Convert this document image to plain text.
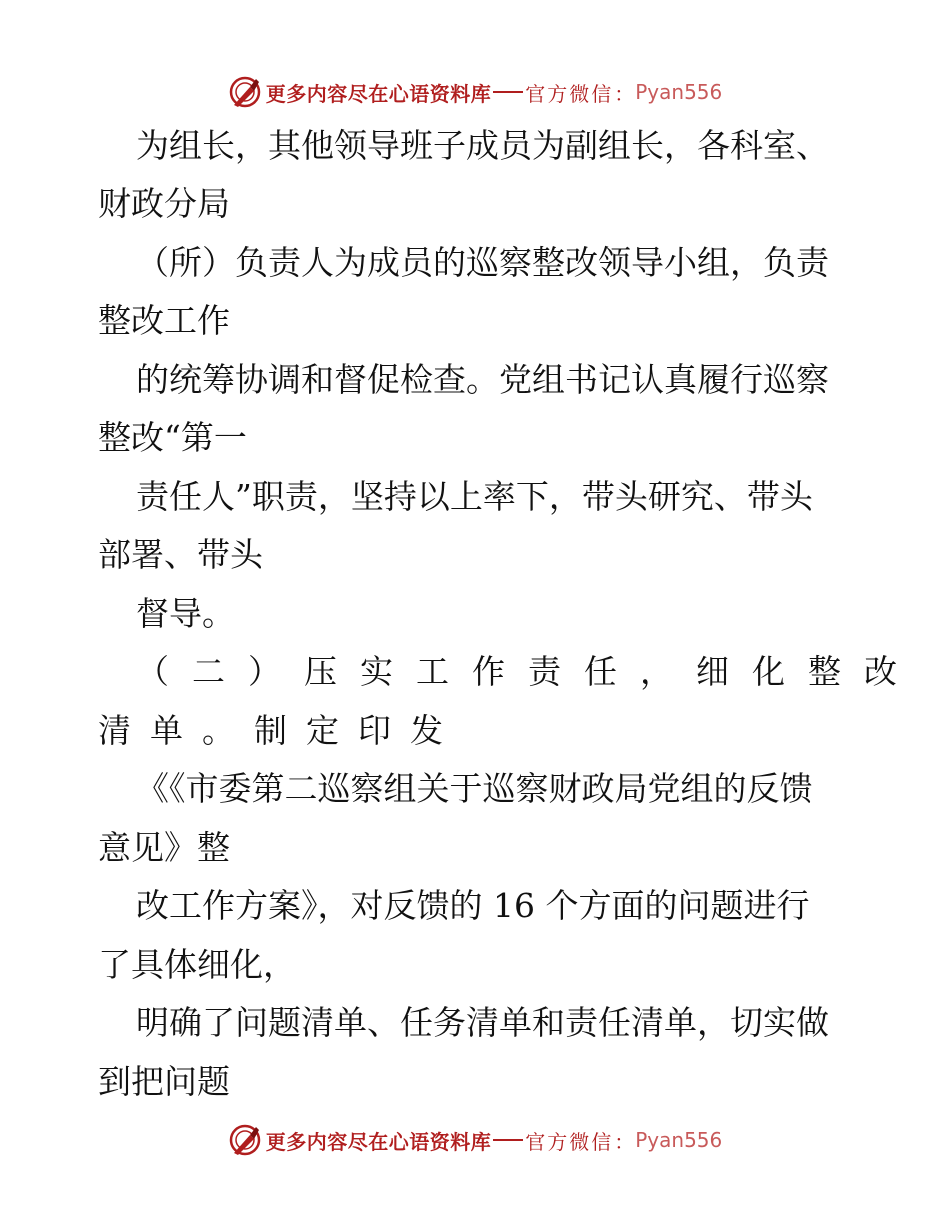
更多内容尽在心语资料库 官方微信 ： Pyan556
为组长，其他领导班子成员为副组长，各科室、
财政分局
（所）负责人为成员的巡察整改领导小组，负责
整改工作
的统筹协调和督促检查。党组书记认真履行巡察
整改“第一
责任人”职责，坚持以上率下，带头研究、带头
部署、带头
督导。
（二）压实工作责任，细化整改
清单。制定印发
《《市委第二巡察组关于巡察财政局党组的反馈
意见》整
改工作方案》，对反馈的 16 个方面的问题进行
了具体细化，
明确了问题清单、任务清单和责任清单，切实做
到把问题
更多内容尽在心语资料库 官方微信 ： Pyan556
